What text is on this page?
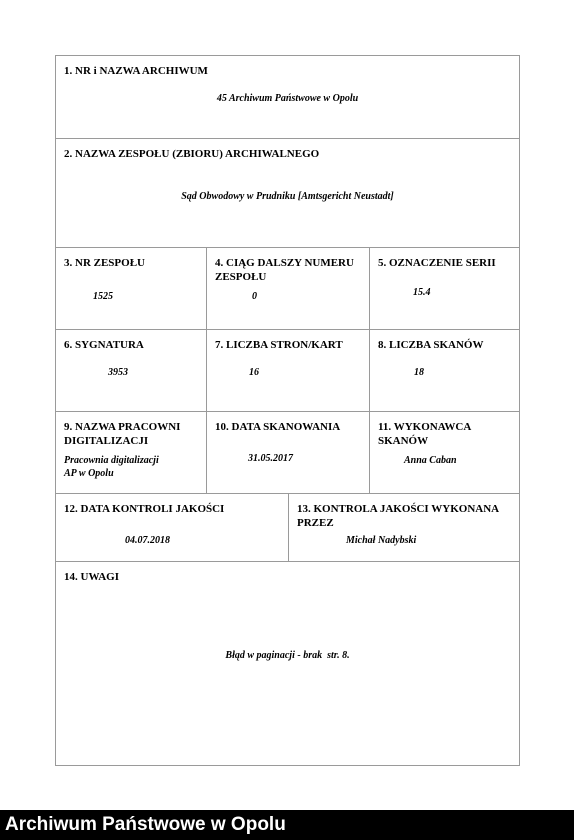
1. NR i NAZWA ARCHIWUM
45 Archiwum Państwowe w Opolu
2. NAZWA ZESPOŁU (ZBIORU) ARCHIWALNEGO
Sąd Obwodowy w Prudniku [Amtsgericht Neustadt]
3. NR ZESPOŁU
1525
4. CIĄG DALSZY NUMERU ZESPOŁU
0
5. OZNACZENIE SERII
15.4
6. SYGNATURA
3953
7. LICZBA STRON/KART
16
8. LICZBA SKANÓW
18
9. NAZWA PRACOWNI DIGITALIZACJI
Pracownia digitalizacji
AP w Opolu
10. DATA SKANOWANIA
31.05.2017
11. WYKONAWCA SKANÓW
Anna Caban
12. DATA KONTROLI JAKOŚCI
04.07.2018
13. KONTROLA JAKOŚCI WYKONANA PRZEZ
Michał Nadybski
14. UWAGI
Błąd w paginacji - brak  str. 8.
Archiwum Państwowe w Opolu
